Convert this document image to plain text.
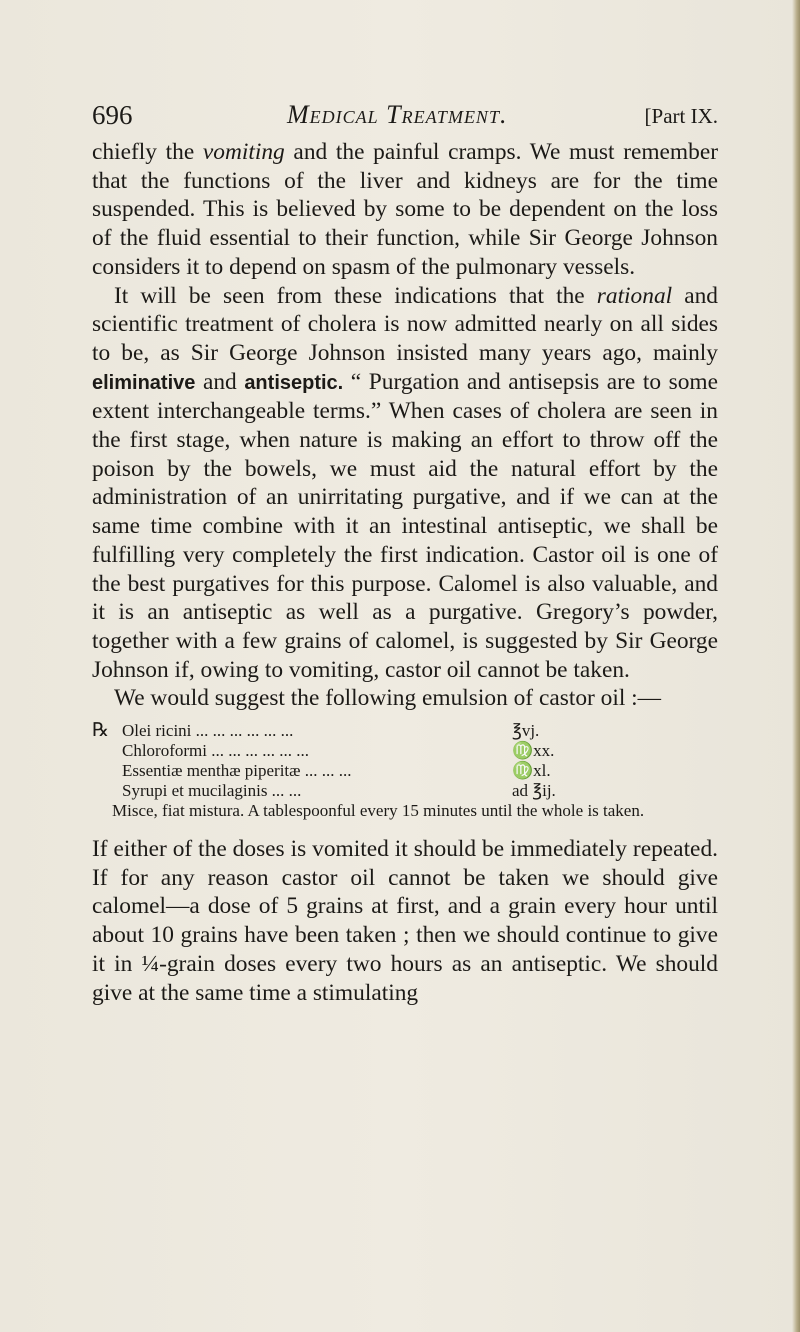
696	Medical Treatment.	[Part IX.

chiefly the vomiting and the painful cramps. We must remember that the functions of the liver and kidneys are for the time suspended. This is believed by some to be dependent on the loss of the fluid essential to their function, while Sir George Johnson considers it to depend on spasm of the pulmonary vessels.

It will be seen from these indications that the rational and scientific treatment of cholera is now admitted nearly on all sides to be, as Sir George Johnson insisted many years ago, mainly eliminative and antiseptic. “ Purgation and antisepsis are to some extent interchangeable terms.” When cases of cholera are seen in the first stage, when nature is making an effort to throw off the poison by the bowels, we must aid the natural effort by the administration of an unirritating purgative, and if we can at the same time combine with it an intestinal antiseptic, we shall be fulfilling very completely the first indication. Castor oil is one of the best purgatives for this purpose. Calomel is also valuable, and it is an antiseptic as well as a purgative. Gregory’s powder, together with a few grains of calomel, is suggested by Sir George Johnson if, owing to vomiting, castor oil cannot be taken.

We would suggest the following emulsion of castor oil :—

℞ Olei ricini ... ... ... ... ... ...	℥vj.
Chloroformi ... ... ... ... ... ...	♍xx.
Essentiæ menthæ piperitæ ... ... ...	♍xl.
Syrupi et mucilaginis ... ...	ad ℥ij.

Misce, fiat mistura. A tablespoonful every 15 minutes until the whole is taken.

If either of the doses is vomited it should be immediately repeated. If for any reason castor oil cannot be taken we should give calomel—a dose of 5 grains at first, and a grain every hour until about 10 grains have been taken ; then we should continue to give it in ¼-grain doses every two hours as an antiseptic. We should give at the same time a stimulating
